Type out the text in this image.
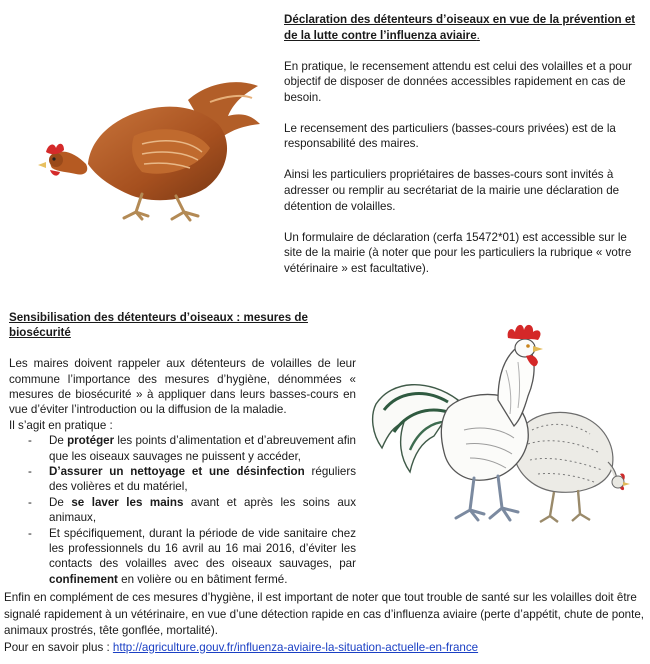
Déclaration des détenteurs d’oiseaux en vue de la prévention et de la lutte contre l’influenza aviaire.

En pratique, le recensement attendu est celui des volailles et a pour objectif de disposer de données accessibles rapidement en cas de besoin.

Le recensement des particuliers (basses-cours privées) est de la responsabilité des maires.

Ainsi les particuliers propriétaires de basses-cours sont invités à adresser ou remplir au secrétariat de la mairie une déclaration de détention de volailles.

Un formulaire de déclaration (cerfa 15472*01) est accessible sur le site de la mairie (à noter que pour les particuliers la rubrique « votre vétérinaire » est facultative).

Sensibilisation des détenteurs d’oiseaux : mesures de biosécurité

Les maires doivent rappeler aux détenteurs de volailles de leur commune l’importance des mesures d’hygiène, dénommées « mesures de biosécurité » à appliquer dans leurs basses-cours en vue d’éviter l’introduction ou la diffusion de la maladie.

Il s’agit en pratique :

- De protéger les points d’alimentation et d’abreuvement afin que les oiseaux sauvages ne puissent y accéder,
- D’assurer un nettoyage et une désinfection réguliers des volières et du matériel,
- De se laver les mains avant et après les soins aux animaux,
- Et spécifiquement, durant la période de vide sanitaire chez les professionnels du 16 avril au 16 mai 2016, d’éviter les contacts des volailles avec des oiseaux sauvages, par confinement en volière ou en bâtiment fermé.

Enfin en complément de ces mesures d’hygiène, il est important de noter que tout trouble de santé sur les volailles doit être signalé rapidement à un vétérinaire, en vue d’une détection rapide en cas d’influenza aviaire (perte d’appétit, chute de ponte, animaux prostrés, tête gonflée, mortalité).

Pour en savoir plus : http://agriculture.gouv.fr/influenza-aviaire-la-situation-actuelle-en-france
